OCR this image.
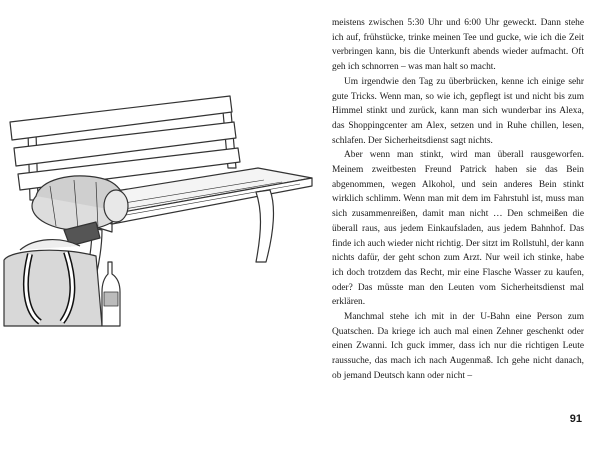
meistens zwischen 5:30 Uhr und 6:00 Uhr geweckt. Dann stehe ich auf, frühstücke, trinke meinen Tee und gucke, wie ich die Zeit verbringen kann, bis die Unterkunft abends wieder aufmacht. Oft geh ich schnorren – was man halt so macht.

Um irgendwie den Tag zu überbrücken, kenne ich einige sehr gute Tricks. Wenn man, so wie ich, gepflegt ist und nicht bis zum Himmel stinkt und zurück, kann man sich wunderbar ins Alexa, das Shoppingcenter am Alex, setzen und in Ruhe chillen, lesen, schlafen. Der Sicherheitsdienst sagt nichts.

Aber wenn man stinkt, wird man überall rausgeworfen. Meinem zweitbesten Freund Patrick haben sie das Bein abgenommen, wegen Alkohol, und sein anderes Bein stinkt wirklich schlimm. Wenn man mit dem im Fahrstuhl ist, muss man sich zusammenreißen, damit man nicht … Den schmeißen die überall raus, aus jedem Einkaufsladen, aus jedem Bahnhof. Das finde ich auch wieder nicht richtig. Der sitzt im Rollstuhl, der kann nichts dafür, der geht schon zum Arzt. Nur weil ich stinke, habe ich doch trotzdem das Recht, mir eine Flasche Wasser zu kaufen, oder? Das müsste man den Leuten vom Sicherheitsdienst mal erklären.

Manchmal stehe ich mit in der U-Bahn eine Person zum Quatschen. Da kriege ich auch mal einen Zehner geschenkt oder einen Zwanni. Ich guck immer, dass ich nur die richtigen Leute raussuche, das mach ich nach Augenmaß. Ich gehe nicht danach, ob jemand Deutsch kann oder nicht –

91
